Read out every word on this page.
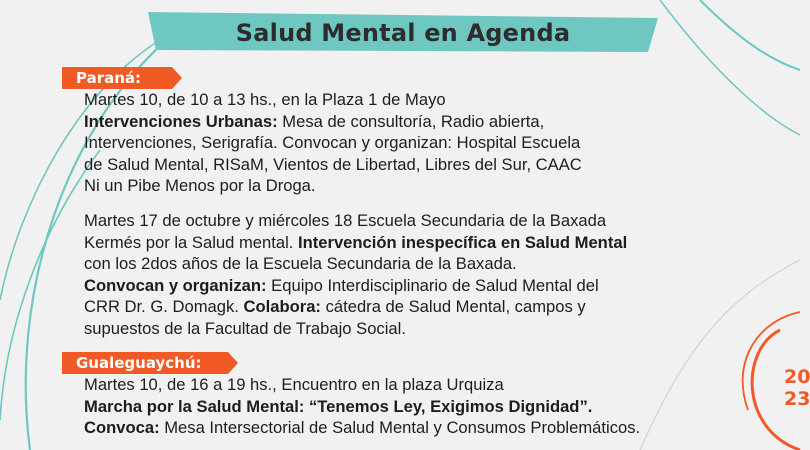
Salud Mental en Agenda
Paraná:

Martes 10, de 10 a 13 hs., en la Plaza 1 de Mayo

Intervenciones Urbanas: Mesa de consultoría, Radio abierta,

Intervenciones, Serigrafía. Convocan y organizan: Hospital Escuela

de Salud Mental, RISaM, Vientos de Libertad, Libres del Sur, CAAC

Ni un Pibe Menos por la Droga.

Martes 17 de octubre y miércoles 18 Escuela Secundaria de la Baxada

Kermés por la Salud mental. Intervención inespecífica en Salud Mental

con los 2dos años de la Escuela Secundaria de la Baxada.

Convocan y organizan: Equipo Interdisciplinario de Salud Mental del

CRR Dr. G. Domagk. Colabora: cátedra de Salud Mental, campos y

supuestos de la Facultad de Trabajo Social.

Gualeguaychú:

Martes 10, de 16 a 19 hs., Encuentro en la plaza Urquiza

Marcha por la Salud Mental: “Tenemos Ley, Exigimos Dignidad”.

Convoca: Mesa Intersectorial de Salud Mental y Consumos Problemáticos.

20
23
